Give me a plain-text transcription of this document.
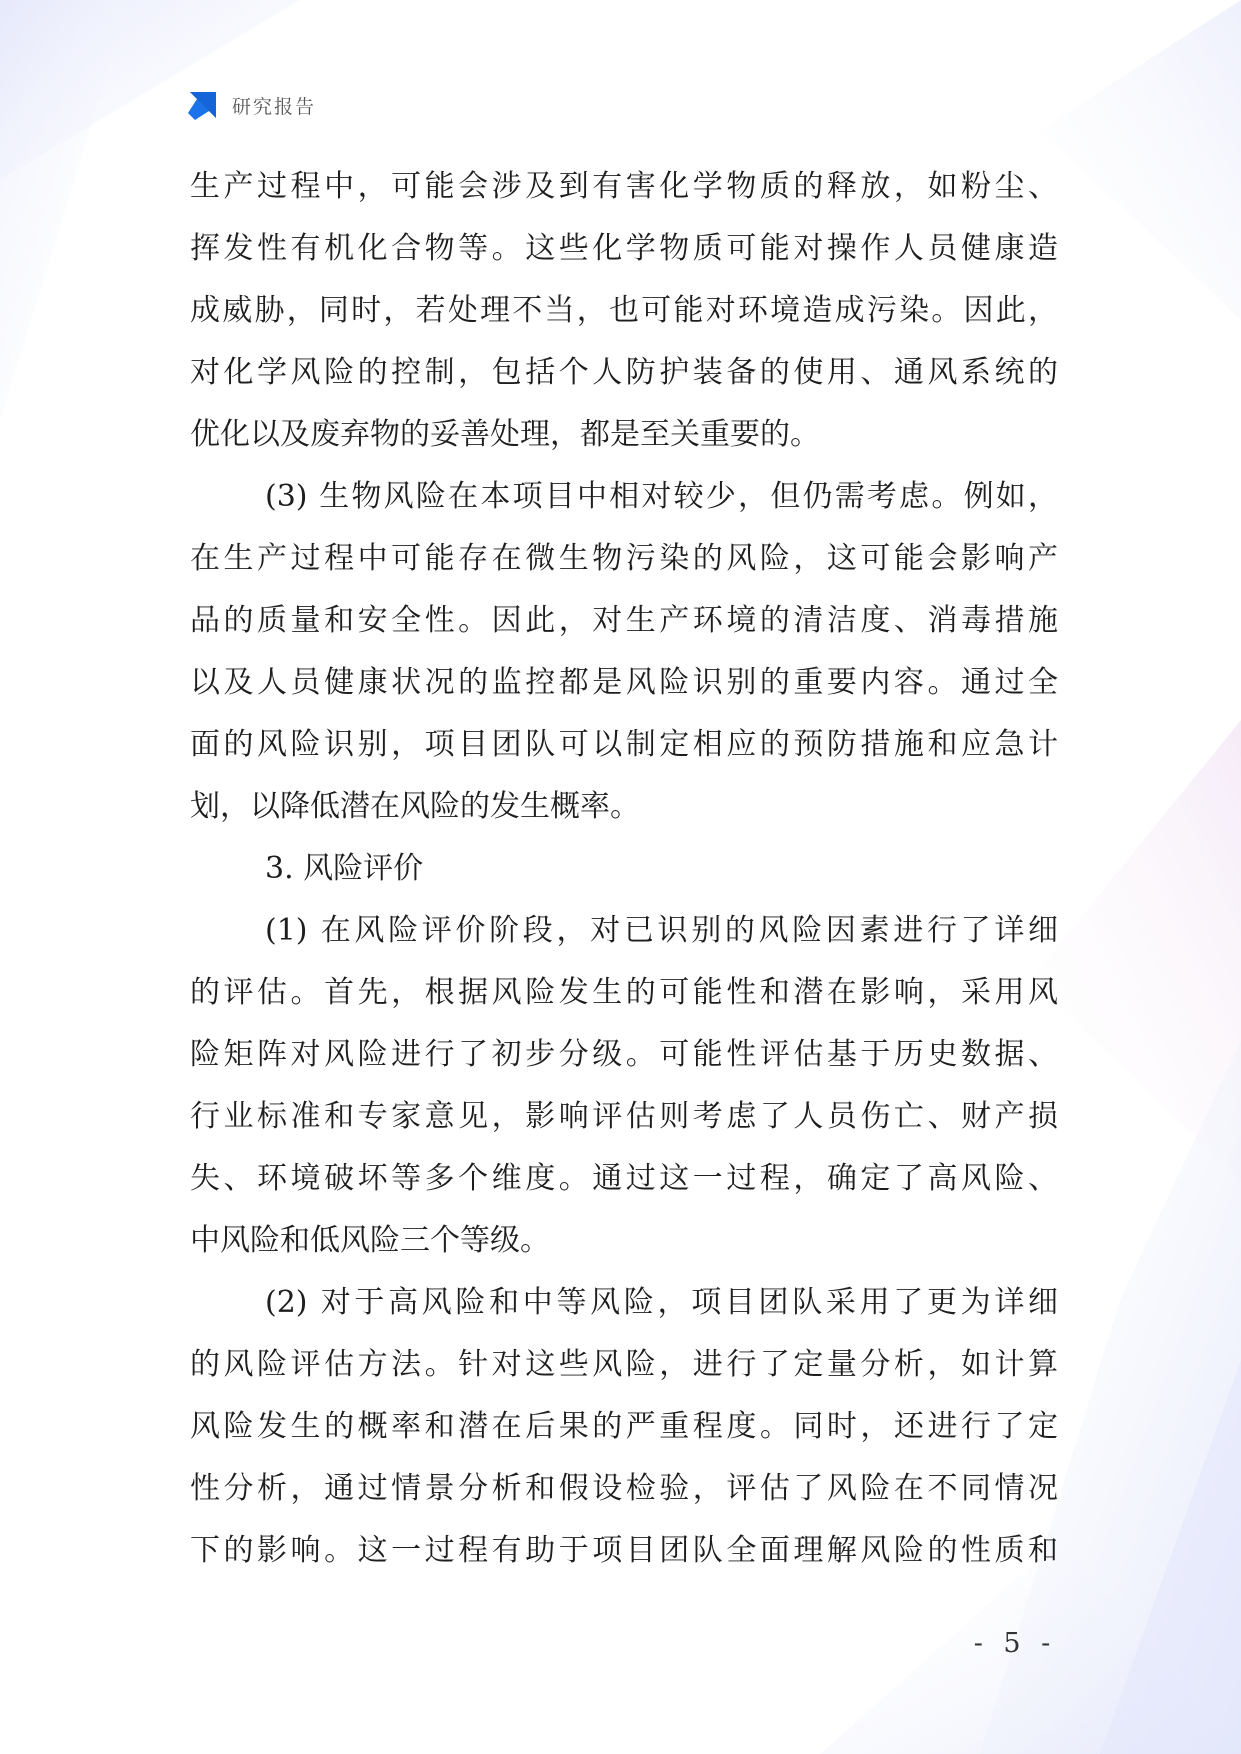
研究报告
生产过程中，可能会涉及到有害化学物质的释放，如粉尘、
挥发性有机化合物等。这些化学物质可能对操作人员健康造
成威胁，同时，若处理不当，也可能对环境造成污染。因此，
对化学风险的控制，包括个人防护装备的使用、通风系统的
优化以及废弃物的妥善处理，都是至关重要的。
(3) 生物风险在本项目中相对较少，但仍需考虑。例如，
在生产过程中可能存在微生物污染的风险，这可能会影响产
品的质量和安全性。因此，对生产环境的清洁度、消毒措施
以及人员健康状况的监控都是风险识别的重要内容。通过全
面的风险识别，项目团队可以制定相应的预防措施和应急计
划，以降低潜在风险的发生概率。
3. 风险评价
(1) 在风险评价阶段，对已识别的风险因素进行了详细
的评估。首先，根据风险发生的可能性和潜在影响，采用风
险矩阵对风险进行了初步分级。可能性评估基于历史数据、
行业标准和专家意见，影响评估则考虑了人员伤亡、财产损
失、环境破坏等多个维度。通过这一过程，确定了高风险、
中风险和低风险三个等级。
(2) 对于高风险和中等风险，项目团队采用了更为详细
的风险评估方法。针对这些风险，进行了定量分析，如计算
风险发生的概率和潜在后果的严重程度。同时，还进行了定
性分析，通过情景分析和假设检验，评估了风险在不同情况
下的影响。这一过程有助于项目团队全面理解风险的性质和
- 5 -
